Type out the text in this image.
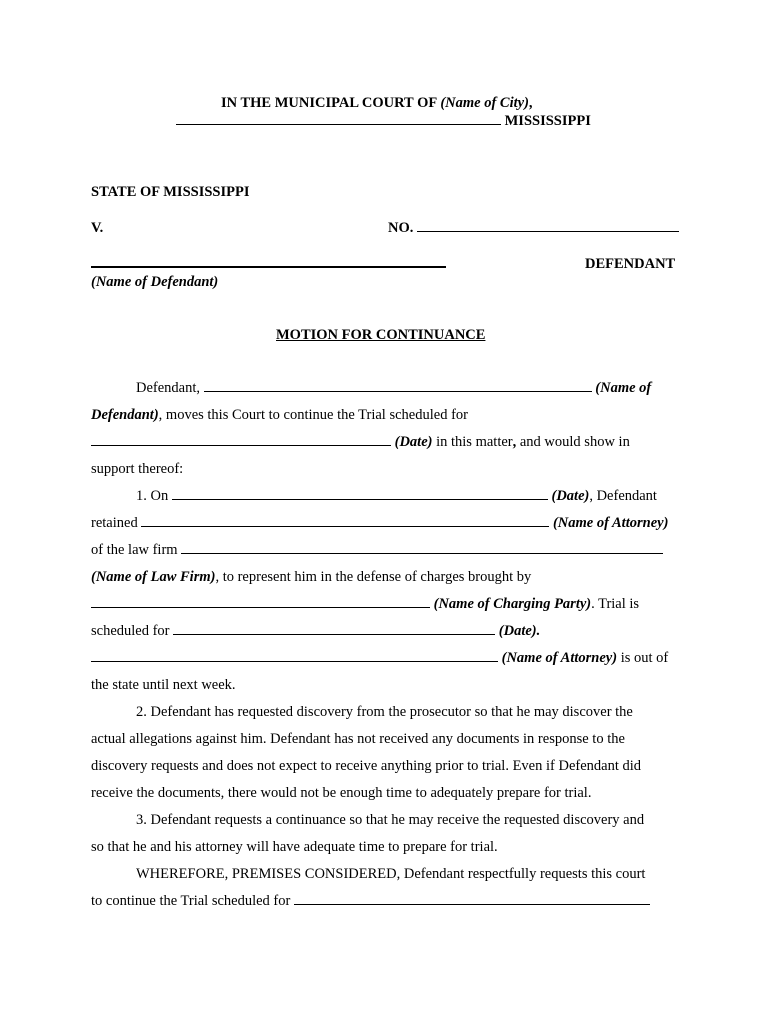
IN THE MUNICIPAL COURT OF (Name of City),
MISSISSIPPI
STATE OF MISSISSIPPI
V.	NO.
DEFENDANT
(Name of Defendant)
MOTION FOR CONTINUANCE
Defendant,	(Name of
Defendant), moves this Court to continue the Trial scheduled for
(Date) in this matter, and would show in
support thereof:
1. On	(Date), Defendant
retained	(Name of Attorney)
of the law firm
(Name of Law Firm), to represent him in the defense of charges brought by
(Name of Charging Party). Trial is
scheduled for	(Date).
(Name of Attorney) is out of
the state until next week.
2. Defendant has requested discovery from the prosecutor so that he may discover the
actual allegations against him. Defendant has not received any documents in response to the
discovery requests and does not expect to receive anything prior to trial. Even if Defendant did
receive the documents, there would not be enough time to adequately prepare for trial.
3. Defendant requests a continuance so that he may receive the requested discovery and
so that he and his attorney will have adequate time to prepare for trial.
WHEREFORE, PREMISES CONSIDERED, Defendant respectfully requests this court
to continue the Trial scheduled for
